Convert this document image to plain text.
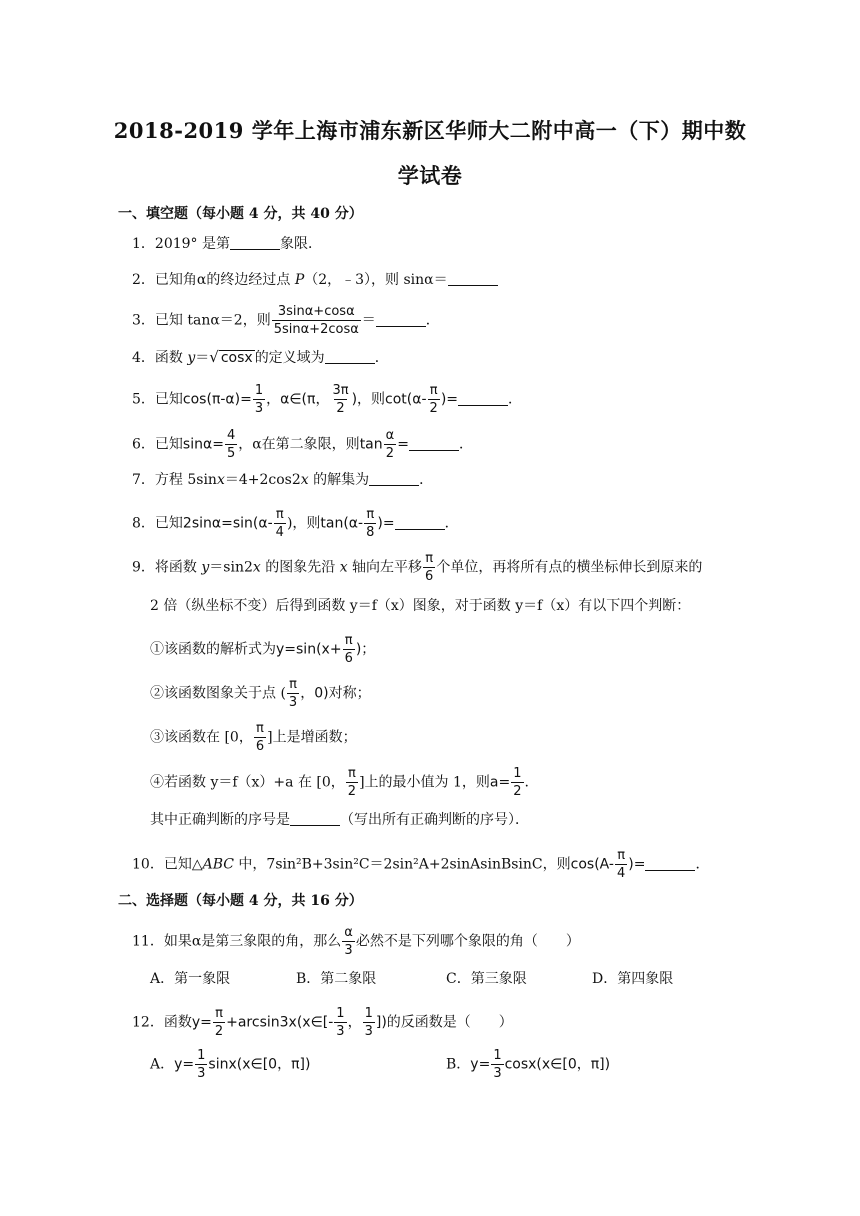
2018-2019 学年上海市浦东新区华师大二附中高一（下）期中数
学试卷
一、填空题（每小题 4 分，共 40 分）
1．2019° 是第	象限．
2．已知角α的终边经过点 P（2，﹣3），则 sinα＝
3．已知 tanα＝2，则 $\frac{3\sin\alpha+\cos\alpha}{5\sin\alpha+2\cos\alpha}$ ＝	．
4．函数 y＝√ cosx 的定义域为	．
5．已知$\cos(\pi-\alpha)= \frac{1}{3}$ ，α∈(π， $\frac{3\pi}{2}$ )，则$\cot(\alpha- \frac{\pi}{2}$ )=	．
6．已知$\sin\alpha= \frac{4}{5}$ ，α在第二象限，则$\tan \frac{\alpha}{2}$ =	．
7．方程 5sinx＝4+2cos2x 的解集为	．
8．已知$2\sin\alpha=\sin(\alpha- \frac{\pi}{4}$ )，则$\tan(\alpha- \frac{\pi}{8}$ )=	．
9．将函数 y＝sin2x 的图象先沿 x 轴向左平移 $\frac{\pi}{6}$ 个单位，再将所有点的横坐标伸长到原来的
2 倍（纵坐标不变）后得到函数 y＝f（x）图象，对于函数 y＝f（x）有以下四个判断：
①该函数的解析式为$y=\sin(x+ \frac{\pi}{6}$ )；
②该函数图象关于点 ( $\frac{\pi}{3}$ ，0)对称；
③该函数在 [0， $\frac{\pi}{6}$ ]上是增函数；
④若函数 y＝f（x）+a 在 [0， $\frac{\pi}{2}$ ]上的最小值为 1，则$a= \frac{1}{2}$ .
其中正确判断的序号是	（写出所有正确判断的序号）．
10．已知△ABC 中，7sin²B+3sin²C＝2sin²A+2sinAsinBsinC，则$\cos(A- \frac{\pi}{4}$ )=	．
二、选择题（每小题 4 分，共 16 分）
11．如果α是第三象限的角，那么 $\frac{\alpha}{3}$ 必然不是下列哪个象限的角（　　）
A．第一象限	B．第二象限	C．第三象限	D．第四象限
12．函数$y= \frac{\pi}{2}$ +arcsin3x(x∈[- $\frac{1}{3}$ ， $\frac{1}{3}$ ])的反函数是（　　）
A．$y= \frac{1}{3}$ sinx(x∈[0，π])	B．$y= \frac{1}{3}$ cosx(x∈[0，π])
